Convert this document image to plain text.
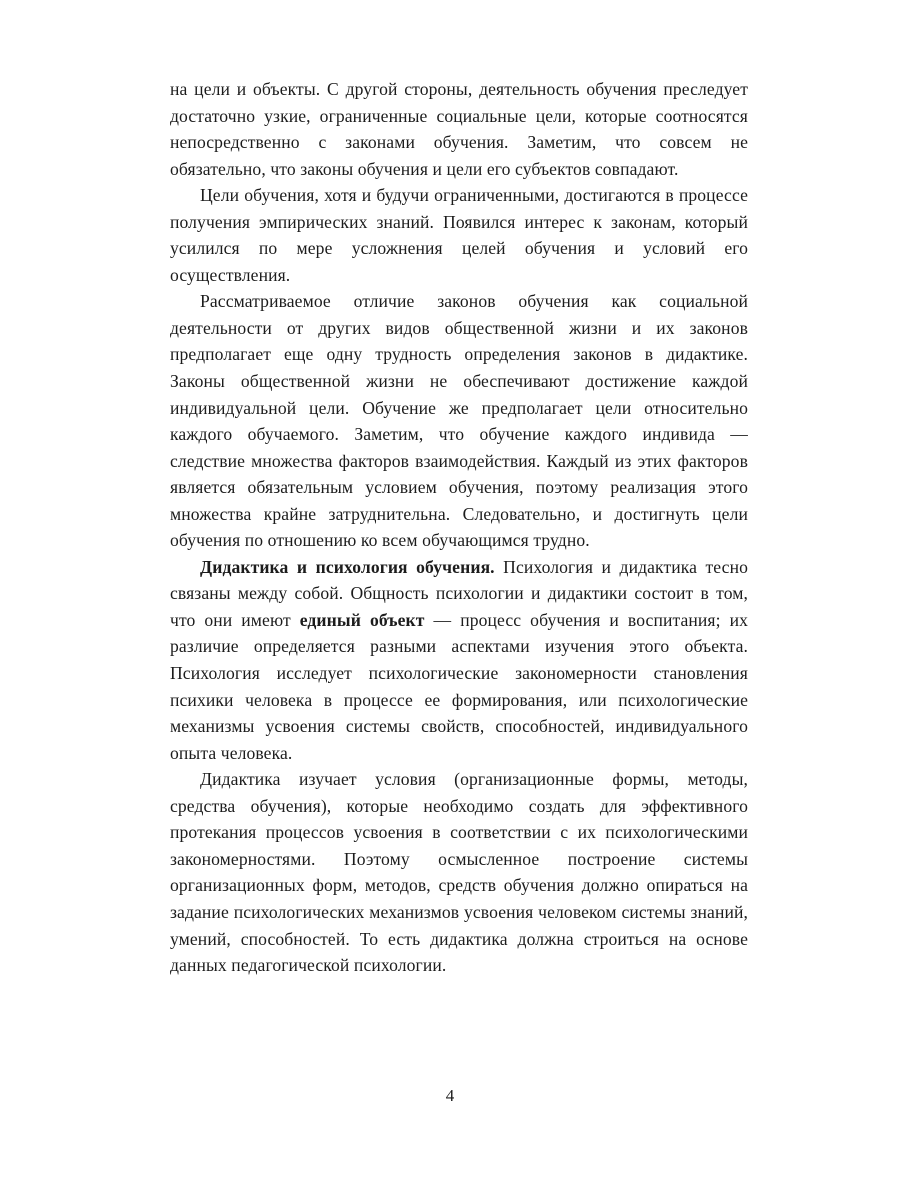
на цели и объекты. С другой стороны, деятельность обучения преследует достаточно узкие, ограниченные социальные цели, которые соотносятся непосредственно с законами обучения. Заметим, что совсем не обязательно, что законы обучения и цели его субъектов совпадают.

Цели обучения, хотя и будучи ограниченными, достигаются в процессе получения эмпирических знаний. Появился интерес к законам, который усилился по мере усложнения целей обучения и условий его осуществления.

Рассматриваемое отличие законов обучения как социальной деятельности от других видов общественной жизни и их законов предполагает еще одну трудность определения законов в дидактике. Законы общественной жизни не обеспечивают достижение каждой индивидуальной цели. Обучение же предполагает цели относительно каждого обучаемого. Заметим, что обучение каждого индивида — следствие множества факторов взаимодействия. Каждый из этих факторов является обязательным условием обучения, поэтому реализация этого множества крайне затруднительна. Следовательно, и достигнуть цели обучения по отношению ко всем обучающимся трудно.

Дидактика и психология обучения. Психология и дидактика тесно связаны между собой. Общность психологии и дидактики состоит в том, что они имеют единый объект — процесс обучения и воспитания; их различие определяется разными аспектами изучения этого объекта. Психология исследует психологические закономерности становления психики человека в процессе ее формирования, или психологические механизмы усвоения системы свойств, способностей, индивидуального опыта человека.

Дидактика изучает условия (организационные формы, методы, средства обучения), которые необходимо создать для эффективного протекания процессов усвоения в соответствии с их психологическими закономерностями. Поэтому осмысленное построение системы организационных форм, методов, средств обучения должно опираться на задание психологических механизмов усвоения человеком системы знаний, умений, способностей. То есть дидактика должна строиться на основе данных педагогической психологии.

4
